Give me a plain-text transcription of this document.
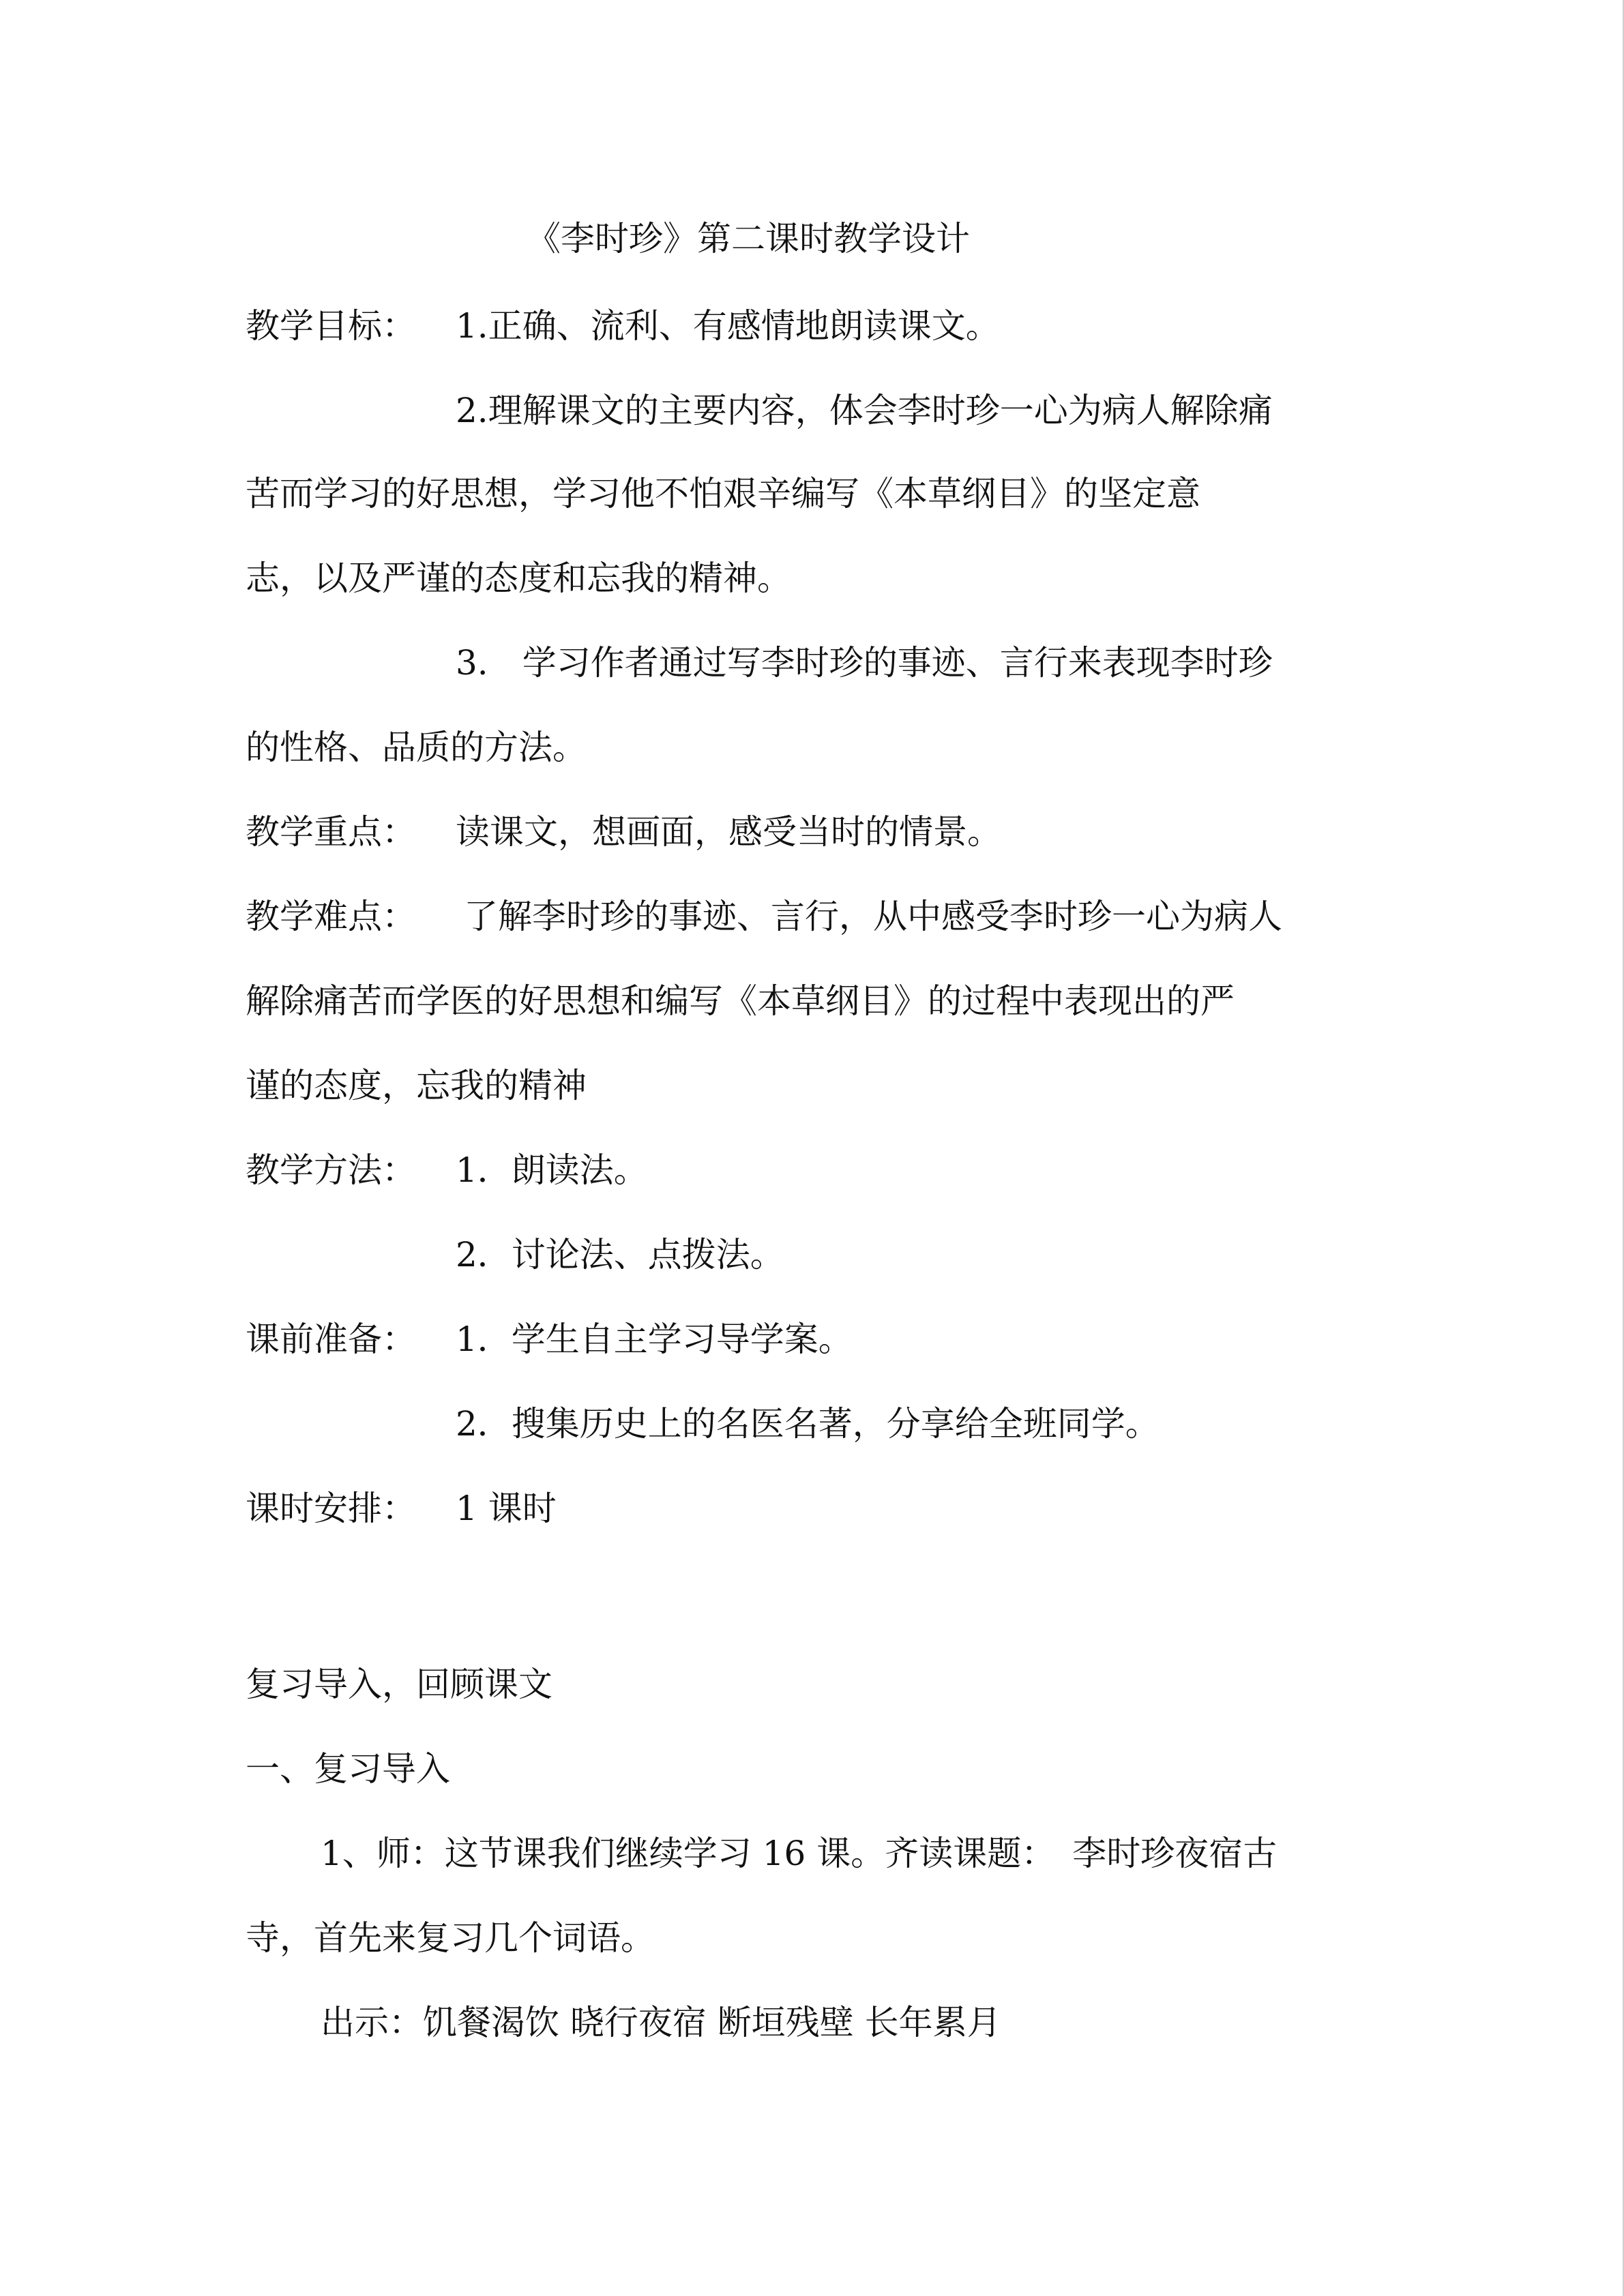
《李时珍》第二课时教学设计
教学目标： 1.正确、流利、有感情地朗读课文。
2.理解课文的主要内容，体会李时珍一心为病人解除痛
苦而学习的好思想，学习他不怕艰辛编写《本草纲目》的坚定意
志，以及严谨的态度和忘我的精神。
3.　学习作者通过写李时珍的事迹、言行来表现李时珍
的性格、品质的方法。
教学重点： 读课文，想画面，感受当时的情景。
教学难点： 了解李时珍的事迹、言行，从中感受李时珍一心为病人
解除痛苦而学医的好思想和编写《本草纲目》的过程中表现出的严
谨的态度，忘我的精神
教学方法： 1．朗读法。
2．讨论法、点拨法。
课前准备： 1．学生自主学习导学案。
2．搜集历史上的名医名著，分享给全班同学。
课时安排： 1 课时
复习导入，回顾课文
一、复习导入
1、师：这节课我们继续学习 16 课。齐读课题：　李时珍夜宿古
寺，首先来复习几个词语。
出示：饥餐渴饮 晓行夜宿 断垣残壁 长年累月
